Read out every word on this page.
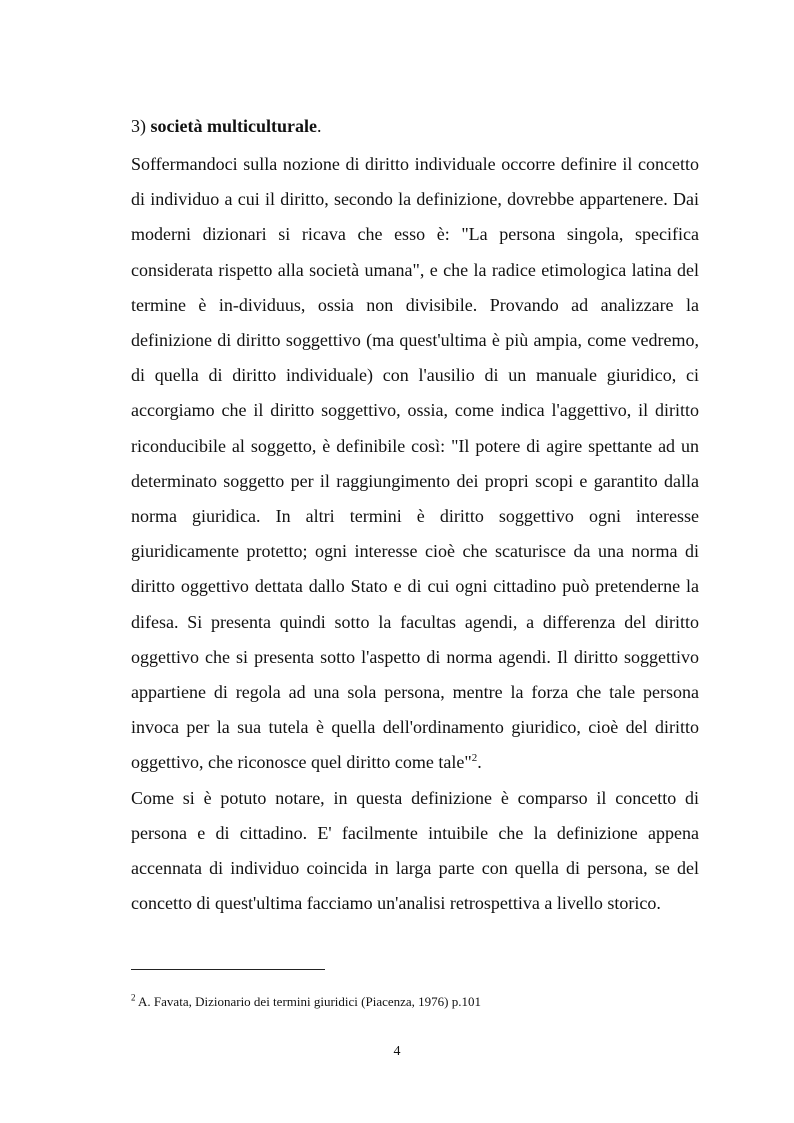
3) società multiculturale.

Soffermandoci sulla nozione di diritto individuale occorre definire il concetto di individuo a cui il diritto, secondo la definizione, dovrebbe appartenere. Dai moderni dizionari si ricava che esso è: "La persona singola, specifica considerata rispetto alla società umana", e che la radice etimologica latina del termine è in-dividuus, ossia non divisibile. Provando ad analizzare la definizione di diritto soggettivo (ma quest'ultima è più ampia, come vedremo, di quella di diritto individuale) con l'ausilio di un manuale giuridico, ci accorgiamo che il diritto soggettivo, ossia, come indica l'aggettivo, il diritto riconducibile al soggetto, è definibile così: "Il potere di agire spettante ad un determinato soggetto per il raggiungimento dei propri scopi e garantito dalla norma giuridica. In altri termini è diritto soggettivo ogni interesse giuridicamente protetto; ogni interesse cioè che scaturisce da una norma di diritto oggettivo dettata dallo Stato e di cui ogni cittadino può pretenderne la difesa. Si presenta quindi sotto la facultas agendi, a differenza del diritto oggettivo che si presenta sotto l'aspetto di norma agendi. Il diritto soggettivo appartiene di regola ad una sola persona, mentre la forza che tale persona invoca per la sua tutela è quella dell'ordinamento giuridico, cioè del diritto oggettivo, che riconosce quel diritto come tale"$^2$.

Come si è potuto notare, in questa definizione è comparso il concetto di persona e di cittadino. E' facilmente intuibile che la definizione appena accennata di individuo coincida in larga parte con quella di persona, se del concetto di quest'ultima facciamo un'analisi retrospettiva a livello storico.

$^2$ A. Favata, Dizionario dei termini giuridici (Piacenza, 1976) p.101
4
